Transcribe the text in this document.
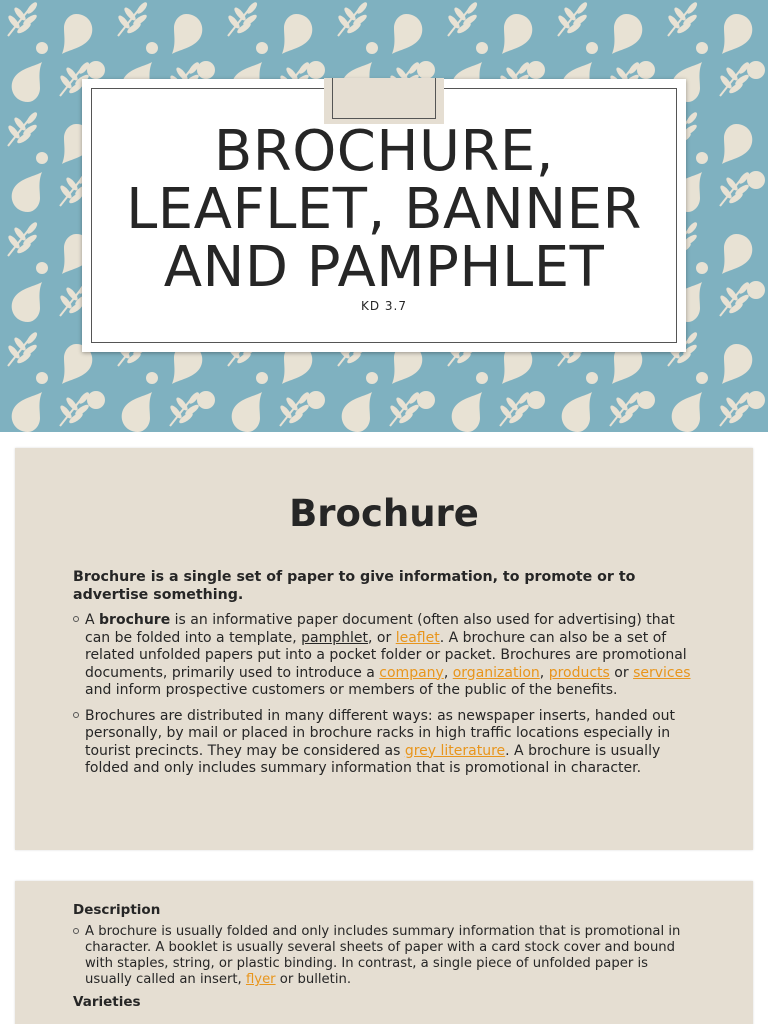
BROCHURE,
LEAFLET, BANNER
AND PAMPHLET
KD 3.7
Brochure

Brochure is a single set of paper to give information, to promote or to advertise something.

A brochure is an informative paper document (often also used for advertising) that can be folded into a template, pamphlet, or leaflet. A brochure can also be a set of related unfolded papers put into a pocket folder or packet. Brochures are promotional documents, primarily used to introduce a company, organization, products or services and inform prospective customers or members of the public of the benefits.
Brochures are distributed in many different ways: as newspaper inserts, handed out personally, by mail or placed in brochure racks in high traffic locations especially in tourist precincts. They may be considered as grey literature. A brochure is usually folded and only includes summary information that is promotional in character.

Description

A brochure is usually folded and only includes summary information that is promotional in character. A booklet is usually several sheets of paper with a card stock cover and bound with staples, string, or plastic binding. In contrast, a single piece of unfolded paper is usually called an insert, flyer or bulletin.

Varieties
